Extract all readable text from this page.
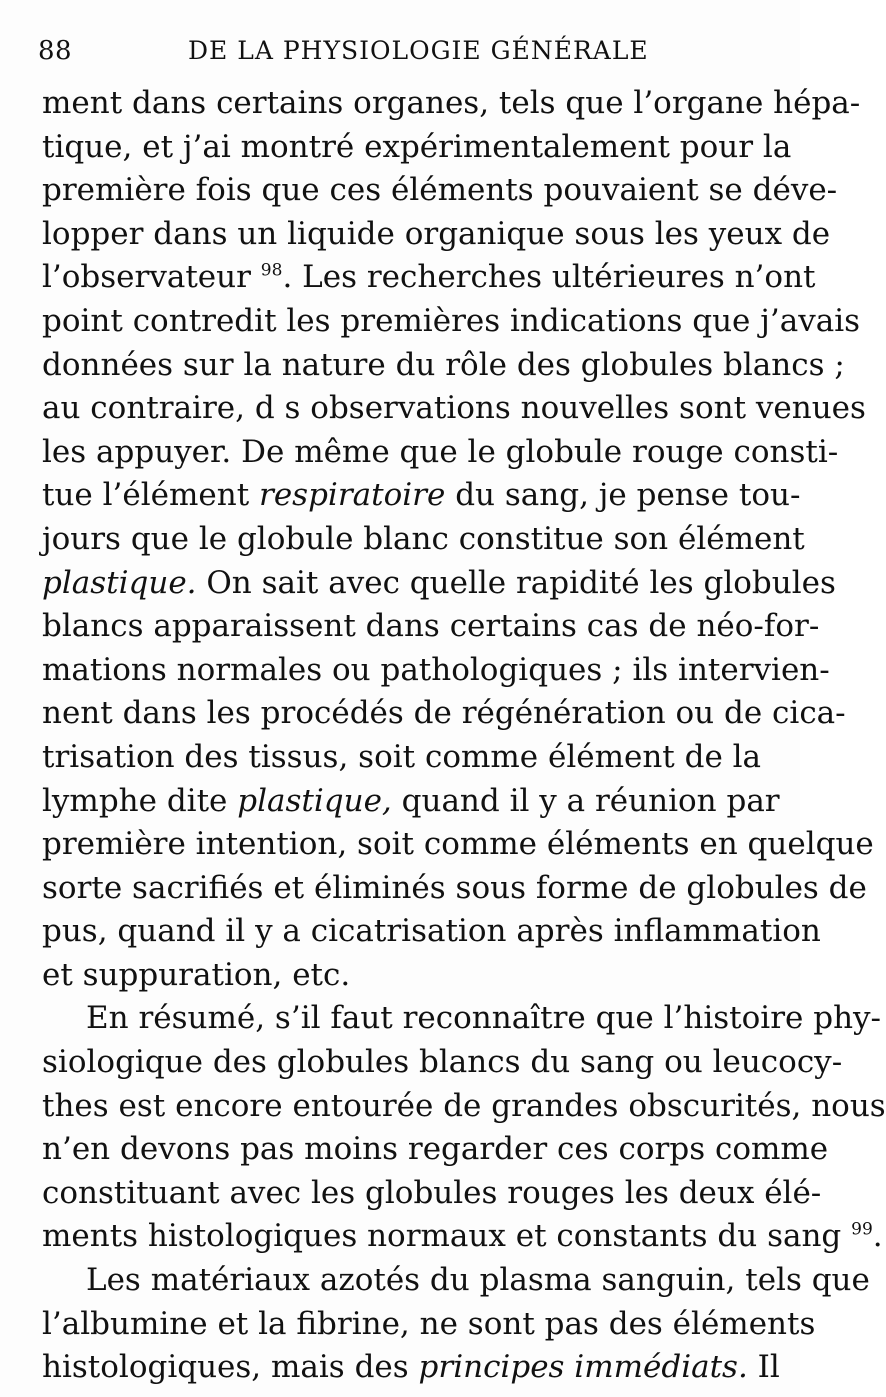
88	DE LA PHYSIOLOGIE GÉNÉRALE
ment dans certains organes, tels que l’organe hépa-
tique, et j’ai montré expérimentalement pour la
première fois que ces éléments pouvaient se déve-
lopper dans un liquide organique sous les yeux de
l’observateur $^{98}$. Les recherches ultérieures n’ont
point contredit les premières indications que j’avais
données sur la nature du rôle des globules blancs ;
au contraire, d s observations nouvelles sont venues
les appuyer. De même que le globule rouge consti-
tue l’élément respiratoire du sang, je pense tou-
jours que le globule blanc constitue son élément
plastique. On sait avec quelle rapidité les globules
blancs apparaissent dans certains cas de néo-for-
mations normales ou pathologiques ; ils intervien-
nent dans les procédés de régénération ou de cica-
trisation des tissus, soit comme élément de la
lymphe dite plastique, quand il y a réunion par
première intention, soit comme éléments en quelque
sorte sacrifiés et éliminés sous forme de globules de
pus, quand il y a cicatrisation après inflammation
et suppuration, etc.
En résumé, s’il faut reconnaître que l’histoire phy-
siologique des globules blancs du sang ou leucocy-
thes est encore entourée de grandes obscurités, nous
n’en devons pas moins regarder ces corps comme
constituant avec les globules rouges les deux élé-
ments histologiques normaux et constants du sang $^{99}$.
Les matériaux azotés du plasma sanguin, tels que
l’albumine et la fibrine, ne sont pas des éléments
histologiques, mais des principes immédiats. Il
